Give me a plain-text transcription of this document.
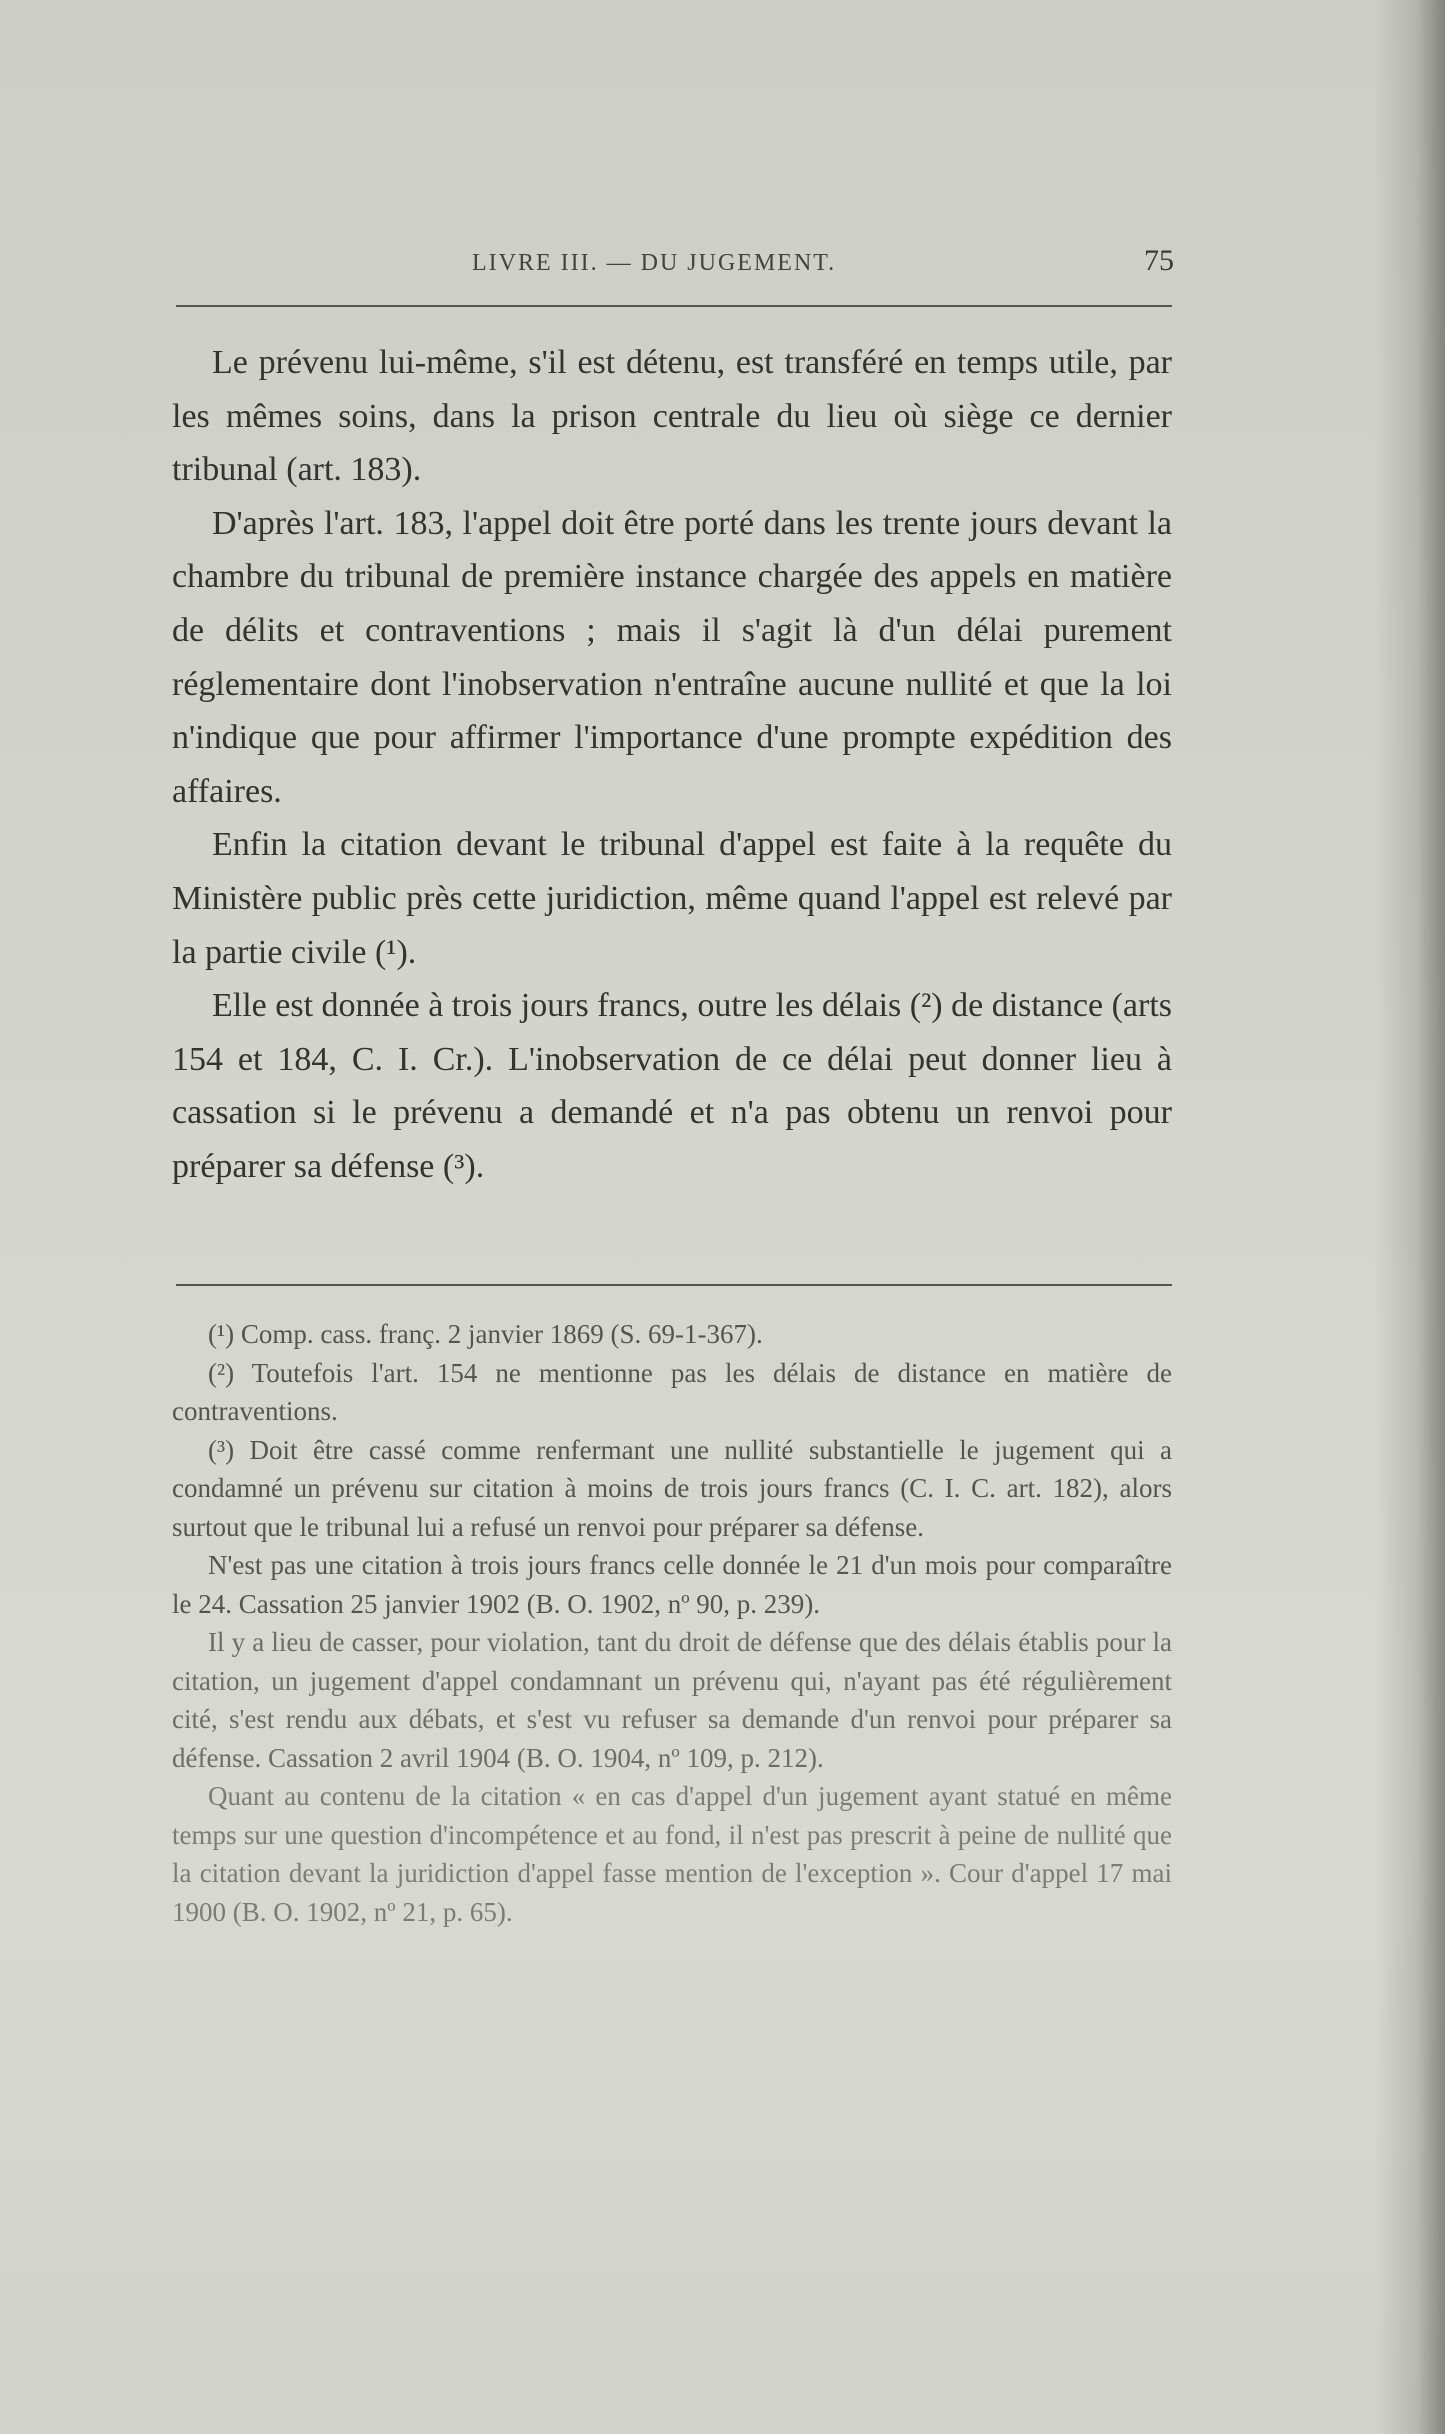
LIVRE III. — DU JUGEMENT.	75

Le prévenu lui-même, s'il est détenu, est transféré en temps utile, par les mêmes soins, dans la prison centrale du lieu où siège ce dernier tribunal (art. 183).

D'après l'art. 183, l'appel doit être porté dans les trente jours devant la chambre du tribunal de première instance chargée des appels en matière de délits et contraventions ; mais il s'agit là d'un délai purement réglementaire dont l'inobservation n'entraîne aucune nullité et que la loi n'indique que pour affirmer l'importance d'une prompte expédition des affaires.

Enfin la citation devant le tribunal d'appel est faite à la requête du Ministère public près cette juridiction, même quand l'appel est relevé par la partie civile (¹).

Elle est donnée à trois jours francs, outre les délais (²) de distance (arts 154 et 184, C. I. Cr.). L'inobservation de ce délai peut donner lieu à cassation si le prévenu a demandé et n'a pas obtenu un renvoi pour préparer sa défense (³).

(¹) Comp. cass. franç. 2 janvier 1869 (S. 69-1-367).

(²) Toutefois l'art. 154 ne mentionne pas les délais de distance en matière de contraventions.

(³) Doit être cassé comme renfermant une nullité substantielle le jugement qui a condamné un prévenu sur citation à moins de trois jours francs (C. I. C. art. 182), alors surtout que le tribunal lui a refusé un renvoi pour préparer sa défense.

N'est pas une citation à trois jours francs celle donnée le 21 d'un mois pour comparaître le 24. Cassation 25 janvier 1902 (B. O. 1902, nº 90, p. 239).

Il y a lieu de casser, pour violation, tant du droit de défense que des délais établis pour la citation, un jugement d'appel condamnant un prévenu qui, n'ayant pas été régulièrement cité, s'est rendu aux débats, et s'est vu refuser sa demande d'un renvoi pour préparer sa défense. Cassation 2 avril 1904 (B. O. 1904, nº 109, p. 212).

Quant au contenu de la citation « en cas d'appel d'un jugement ayant statué en même temps sur une question d'incompétence et au fond, il n'est pas prescrit à peine de nullité que la citation devant la juridiction d'appel fasse mention de l'exception ». Cour d'appel 17 mai 1900 (B. O. 1902, nº 21, p. 65).
